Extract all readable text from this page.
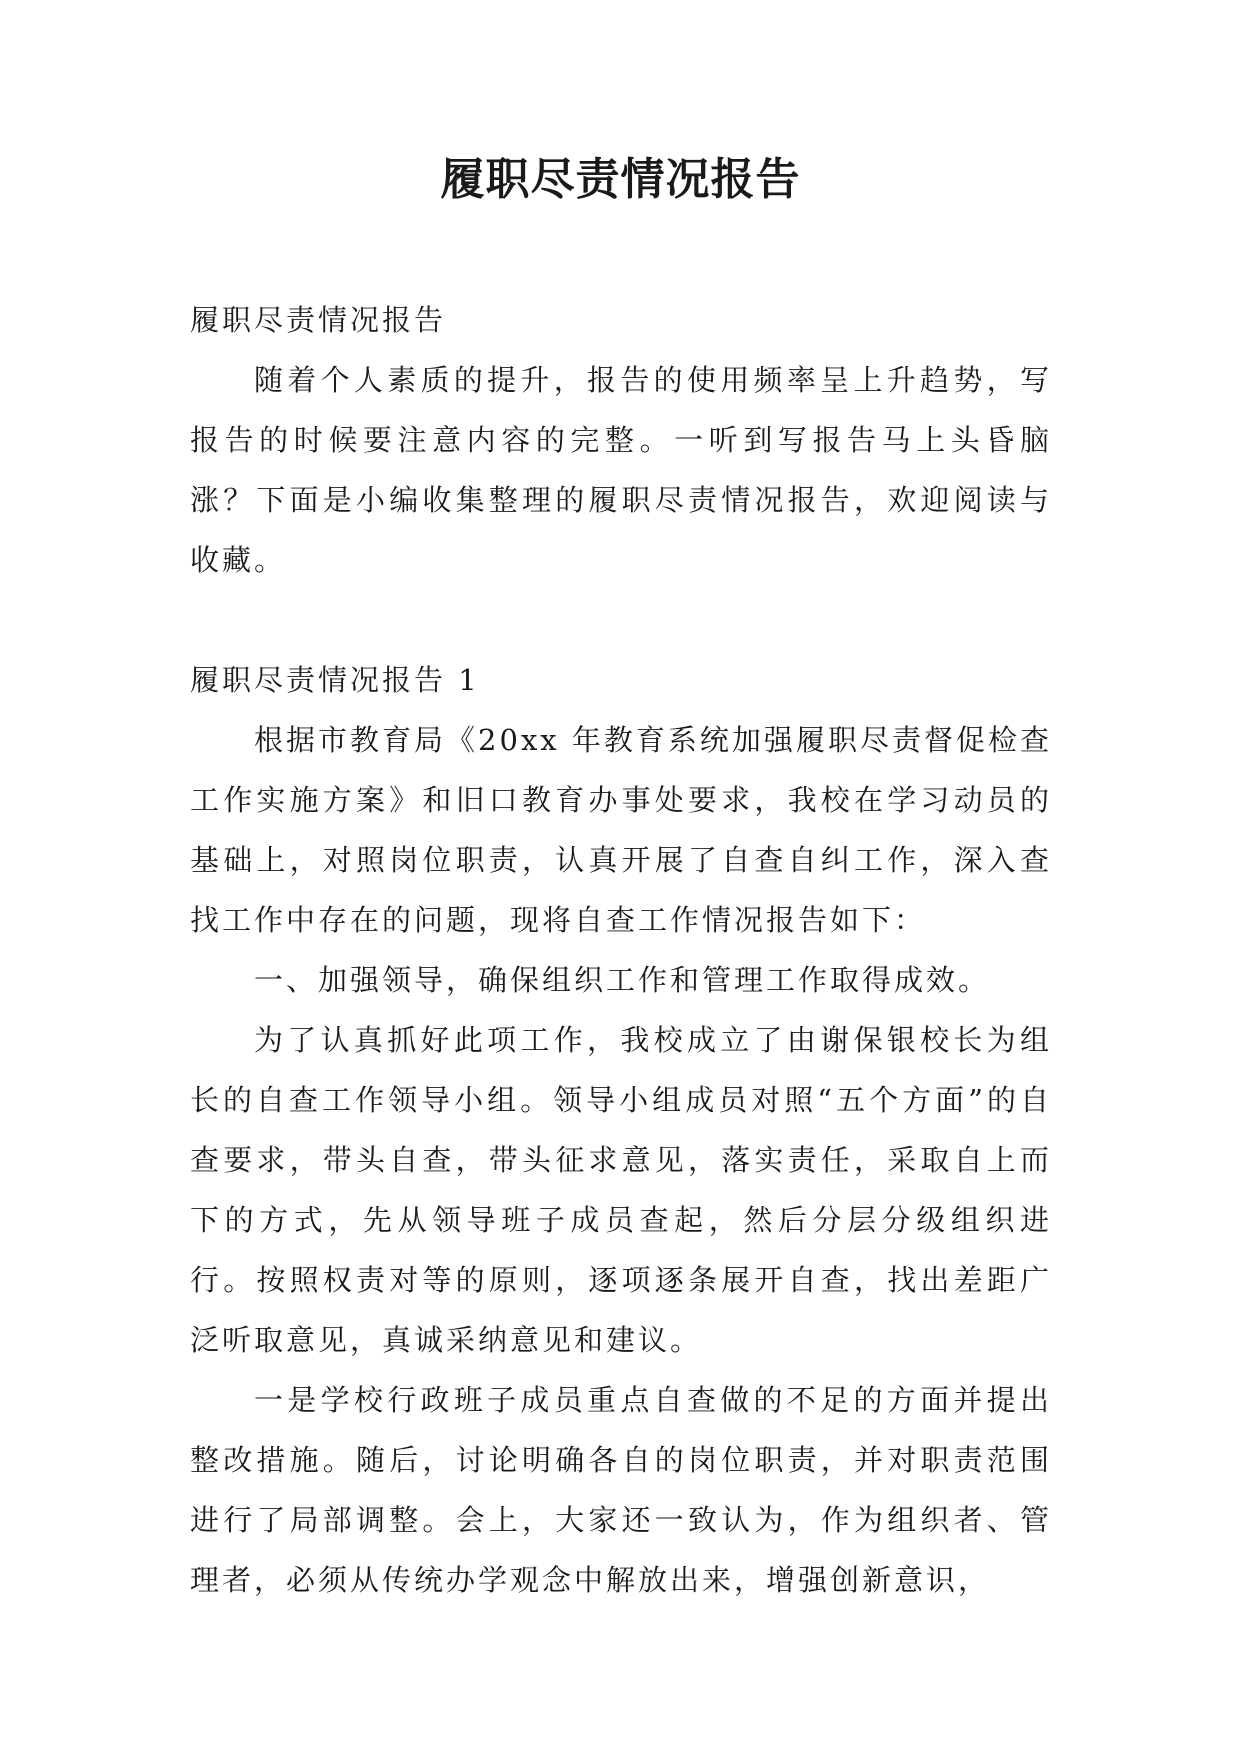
履职尽责情况报告

履职尽责情况报告

随着个人素质的提升，报告的使用频率呈上升趋势，写报告的时候要注意内容的完整。一听到写报告马上头昏脑涨？下面是小编收集整理的履职尽责情况报告，欢迎阅读与收藏。

履职尽责情况报告 1

根据市教育局《20xx 年教育系统加强履职尽责督促检查工作实施方案》和旧口教育办事处要求，我校在学习动员的基础上，对照岗位职责，认真开展了自查自纠工作，深入查找工作中存在的问题，现将自查工作情况报告如下：

一、加强领导，确保组织工作和管理工作取得成效。

为了认真抓好此项工作，我校成立了由谢保银校长为组长的自查工作领导小组。领导小组成员对照“五个方面”的自查要求，带头自查，带头征求意见，落实责任，采取自上而下的方式，先从领导班子成员查起，然后分层分级组织进行。按照权责对等的原则，逐项逐条展开自查，找出差距广泛听取意见，真诚采纳意见和建议。

一是学校行政班子成员重点自查做的不足的方面并提出整改措施。随后，讨论明确各自的岗位职责，并对职责范围进行了局部调整。会上，大家还一致认为，作为组织者、管理者，必须从传统办学观念中解放出来，增强创新意识，
